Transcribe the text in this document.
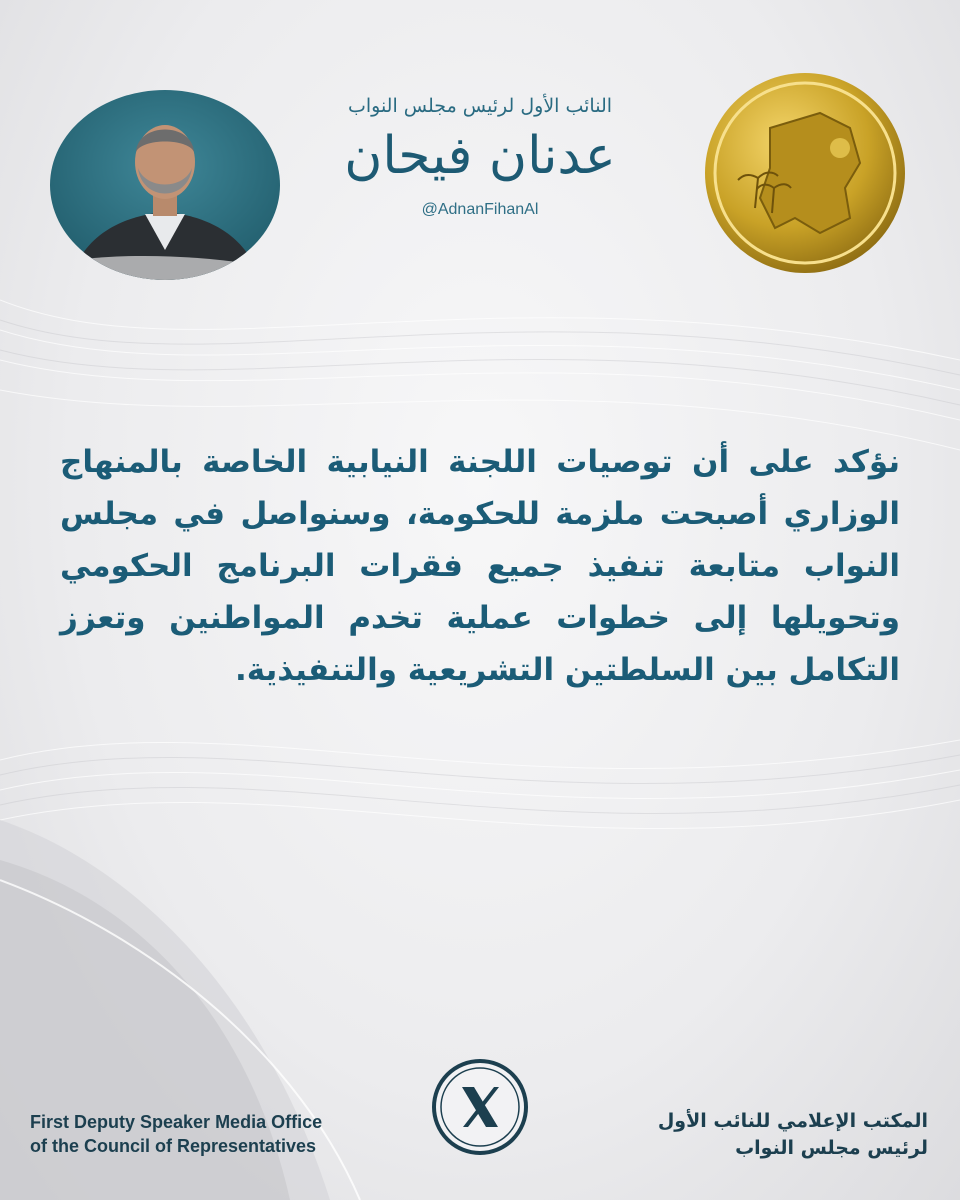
النائب الأول لرئيس مجلس النواب
عدنان فيحان
@AdnanFihanAl
نؤكد على أن توصيات اللجنة النيابية الخاصة بالمنهاج الوزاري أصبحت ملزمة للحكومة، وسنواصل في مجلس النواب متابعة تنفيذ جميع فقرات البرنامج الحكومي وتحويلها إلى خطوات عملية تخدم المواطنين وتعزز التكامل بين السلطتين التشريعية والتنفيذية.
First Deputy Speaker Media Office
of the Council of Representatives
المكتب الإعلامي للنائب الأول
لرئيس مجلس النواب
